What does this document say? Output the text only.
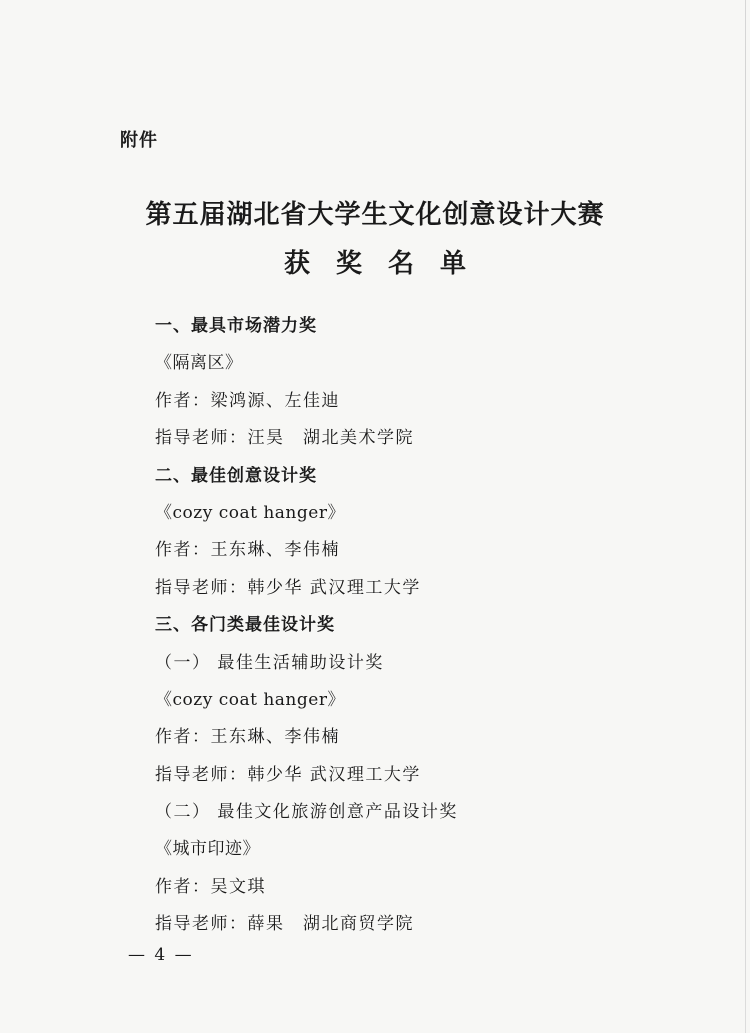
附件
第五届湖北省大学生文化创意设计大赛
获奖名单
一、最具市场潜力奖
《隔离区》
作者：梁鸿源、左佳迪
指导老师：汪昊　湖北美术学院
二、最佳创意设计奖
《cozy coat hanger》
作者：王东琳、李伟楠
指导老师：韩少华 武汉理工大学
三、各门类最佳设计奖
（一） 最佳生活辅助设计奖
《cozy coat hanger》
作者：王东琳、李伟楠
指导老师：韩少华 武汉理工大学
（二） 最佳文化旅游创意产品设计奖
《城市印迹》
作者：吴文琪
指导老师：薛果　湖北商贸学院
— 4 —
